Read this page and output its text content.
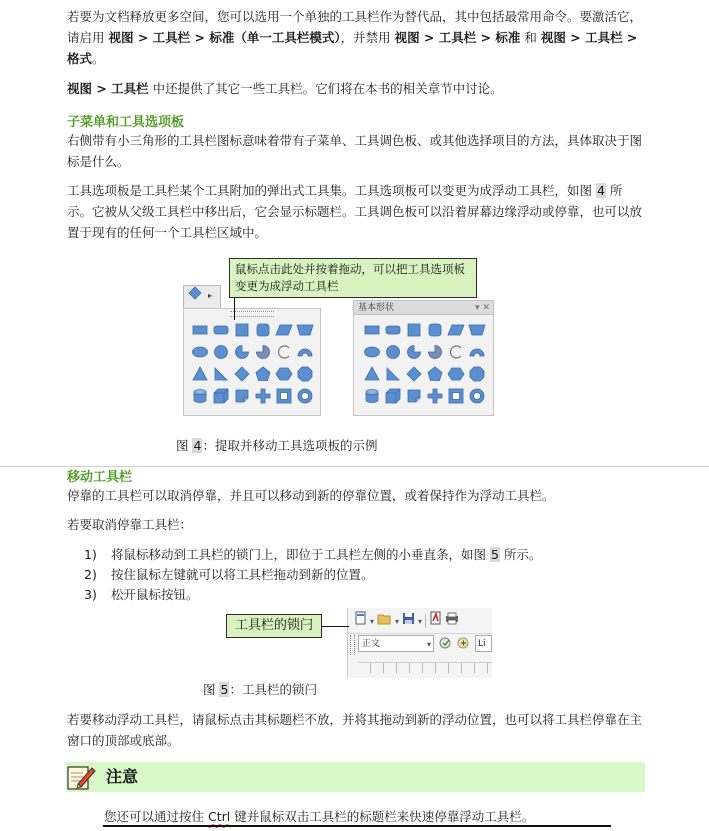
若要为文档释放更多空间，您可以选用一个单独的工具栏作为替代品，其中包括最常用命令。要激活它，请启用 视图 > 工具栏 > 标准（单一工具栏模式），并禁用 视图 > 工具栏 > 标准 和 视图 > 工具栏 > 格式。

视图 > 工具栏 中还提供了其它一些工具栏。它们将在本书的相关章节中讨论。

子菜单和工具选项板

右侧带有小三角形的工具栏图标意味着带有子菜单、工具调色板、或其他选择项目的方法，具体取决于图标是什么。

工具选项板是工具栏某个工具附加的弹出式工具集。工具选项板可以变更为成浮动工具栏，如图 4 所示。它被从父级工具栏中移出后，它会显示标题栏。工具调色板可以沿着屏幕边缘浮动或停靠，也可以放置于现有的任何一个工具栏区域中。

▸
基本形状	▾ ✕
鼠标点击此处并按着拖动，可以把工具选项板变更为成浮动工具栏
图 4：提取并移动工具选项板的示例
移动工具栏

停靠的工具栏可以取消停靠，并且可以移动到新的停靠位置，或着保持作为浮动工具栏。

若要取消停靠工具栏：

1) 将鼠标移动到工具栏的锁门上，即位于工具栏左侧的小垂直条，如图 5 所示。
2) 按住鼠标左键就可以将工具栏拖动到新的位置。
3) 松开鼠标按钮。
▾	▾ ▾
正文	▾	Li
工具栏的锁闩
图 5：工具栏的锁闩

若要移动浮动工具栏，请鼠标点击其标题栏不放，并将其拖动到新的浮动位置，也可以将工具栏停靠在主窗口的顶部或底部。

注意
您还可以通过按住 Ctrl 键并鼠标双击工具栏的标题栏来快速停靠浮动工具栏。
